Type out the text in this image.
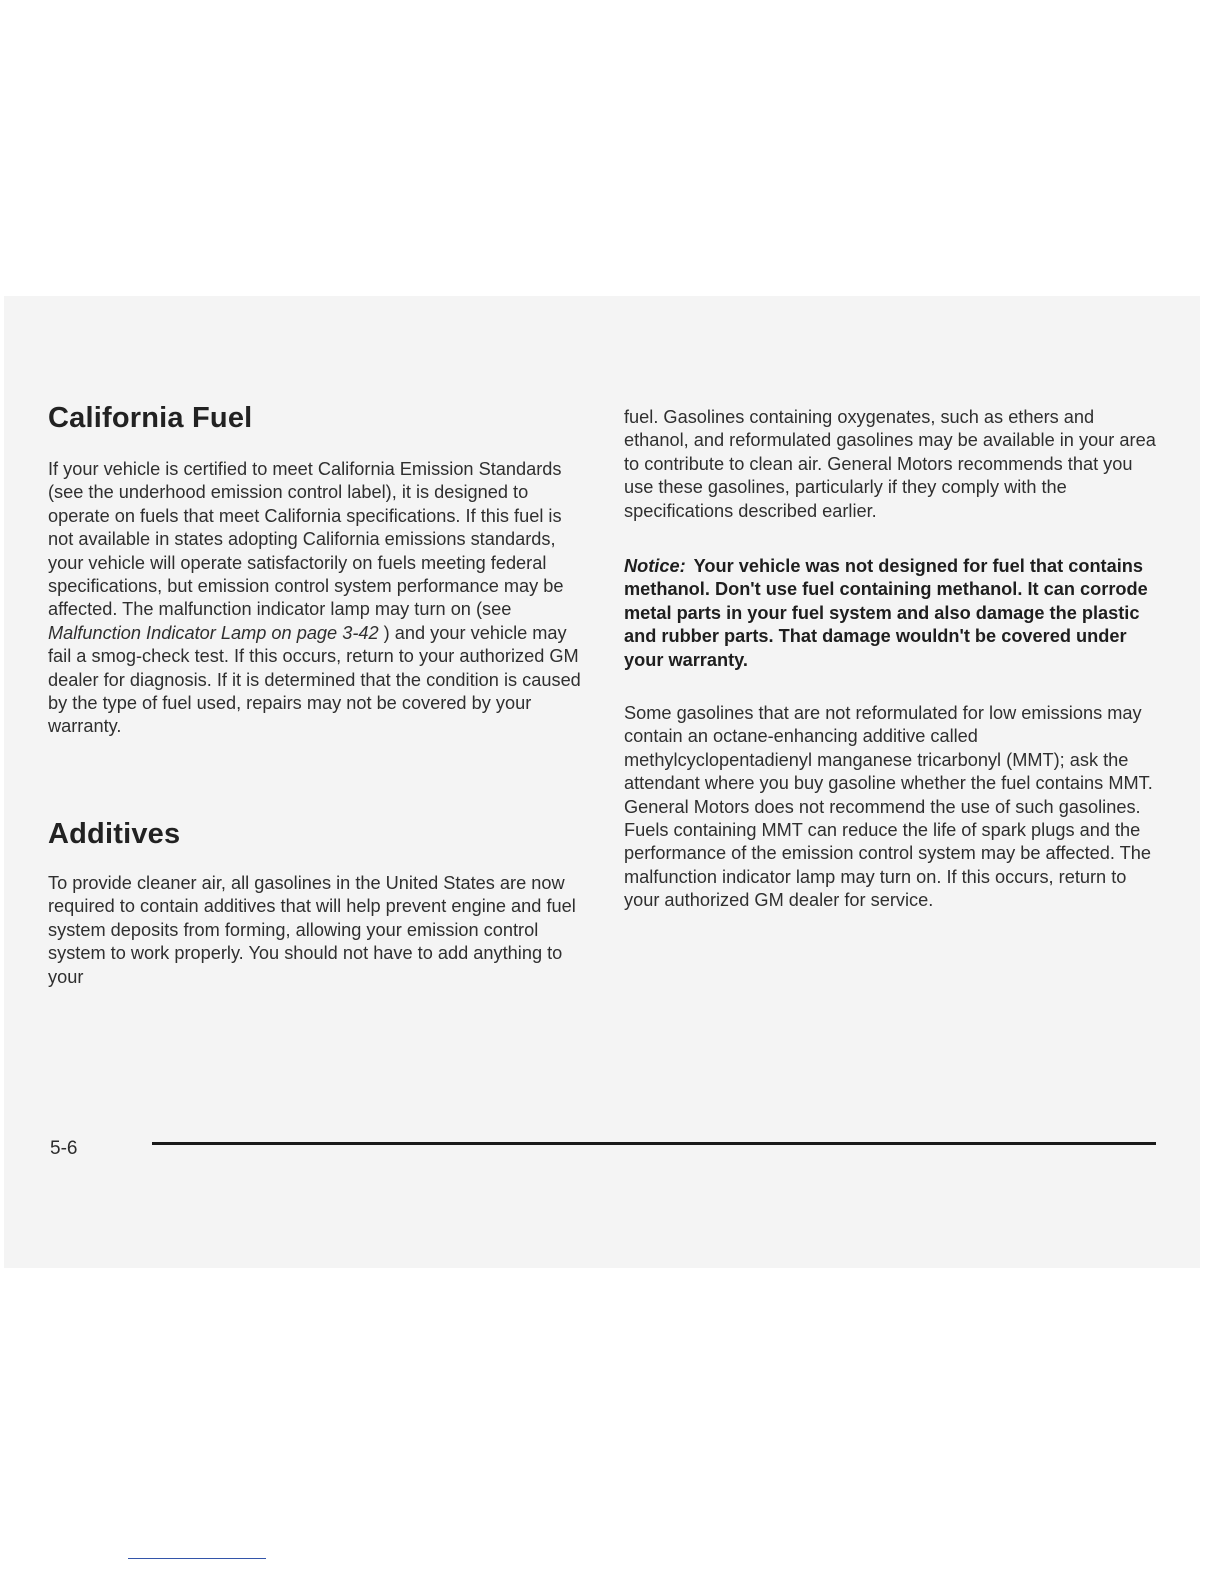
California Fuel

If your vehicle is certified to meet California Emission Standards (see the underhood emission control label), it is designed to operate on fuels that meet California specifications. If this fuel is not available in states adopting California emissions standards, your vehicle will operate satisfactorily on fuels meeting federal specifications, but emission control system performance may be affected. The malfunction indicator lamp may turn on (see Malfunction Indicator Lamp on page 3-42 ) and your vehicle may fail a smog-check test. If this occurs, return to your authorized GM dealer for diagnosis. If it is determined that the condition is caused by the type of fuel used, repairs may not be covered by your warranty.

Additives

To provide cleaner air, all gasolines in the United States are now required to contain additives that will help prevent engine and fuel system deposits from forming, allowing your emission control system to work properly. You should not have to add anything to your

fuel. Gasolines containing oxygenates, such as ethers and ethanol, and reformulated gasolines may be available in your area to contribute to clean air. General Motors recommends that you use these gasolines, particularly if they comply with the specifications described earlier.

Notice: Your vehicle was not designed for fuel that contains methanol. Don't use fuel containing methanol. It can corrode metal parts in your fuel system and also damage the plastic and rubber parts. That damage wouldn't be covered under your warranty.

Some gasolines that are not reformulated for low emissions may contain an octane-enhancing additive called methylcyclopentadienyl manganese tricarbonyl (MMT); ask the attendant where you buy gasoline whether the fuel contains MMT. General Motors does not recommend the use of such gasolines. Fuels containing MMT can reduce the life of spark plugs and the performance of the emission control system may be affected. The malfunction indicator lamp may turn on. If this occurs, return to your authorized GM dealer for service.

5-6
